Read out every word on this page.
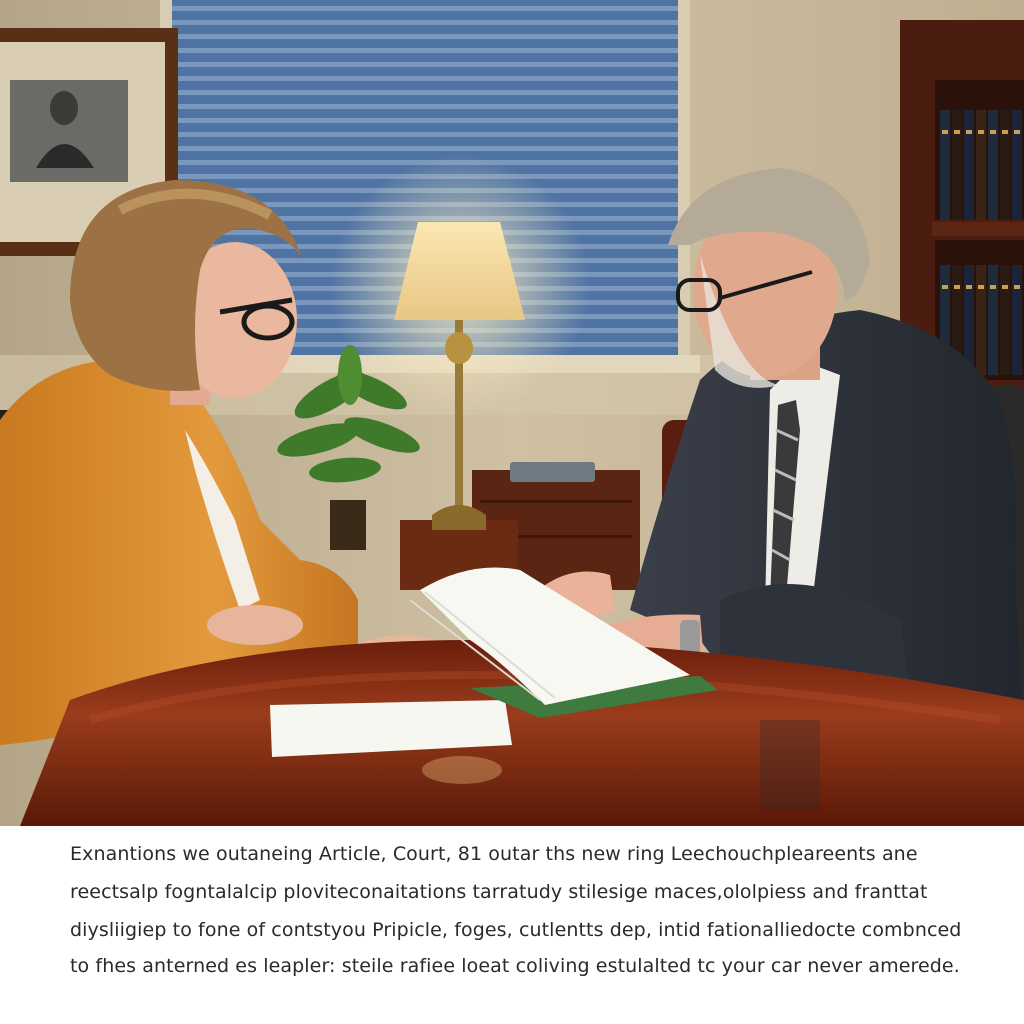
Exnantions we outaneing Article, Court, 81 outar ths new ring Leechouchpleareents ane
reectsalp fogntalalcip ploviteconaitations tarratudy stilesige maces,ololpiess and franttat
diysliigiep to fone of contstyou Pripicle, foges, cutlentts dep, intid fationalliedocte combnced
to fhes anterned es leapler: steile rafiee loeat coliving estulalted tc your car never amerede.
